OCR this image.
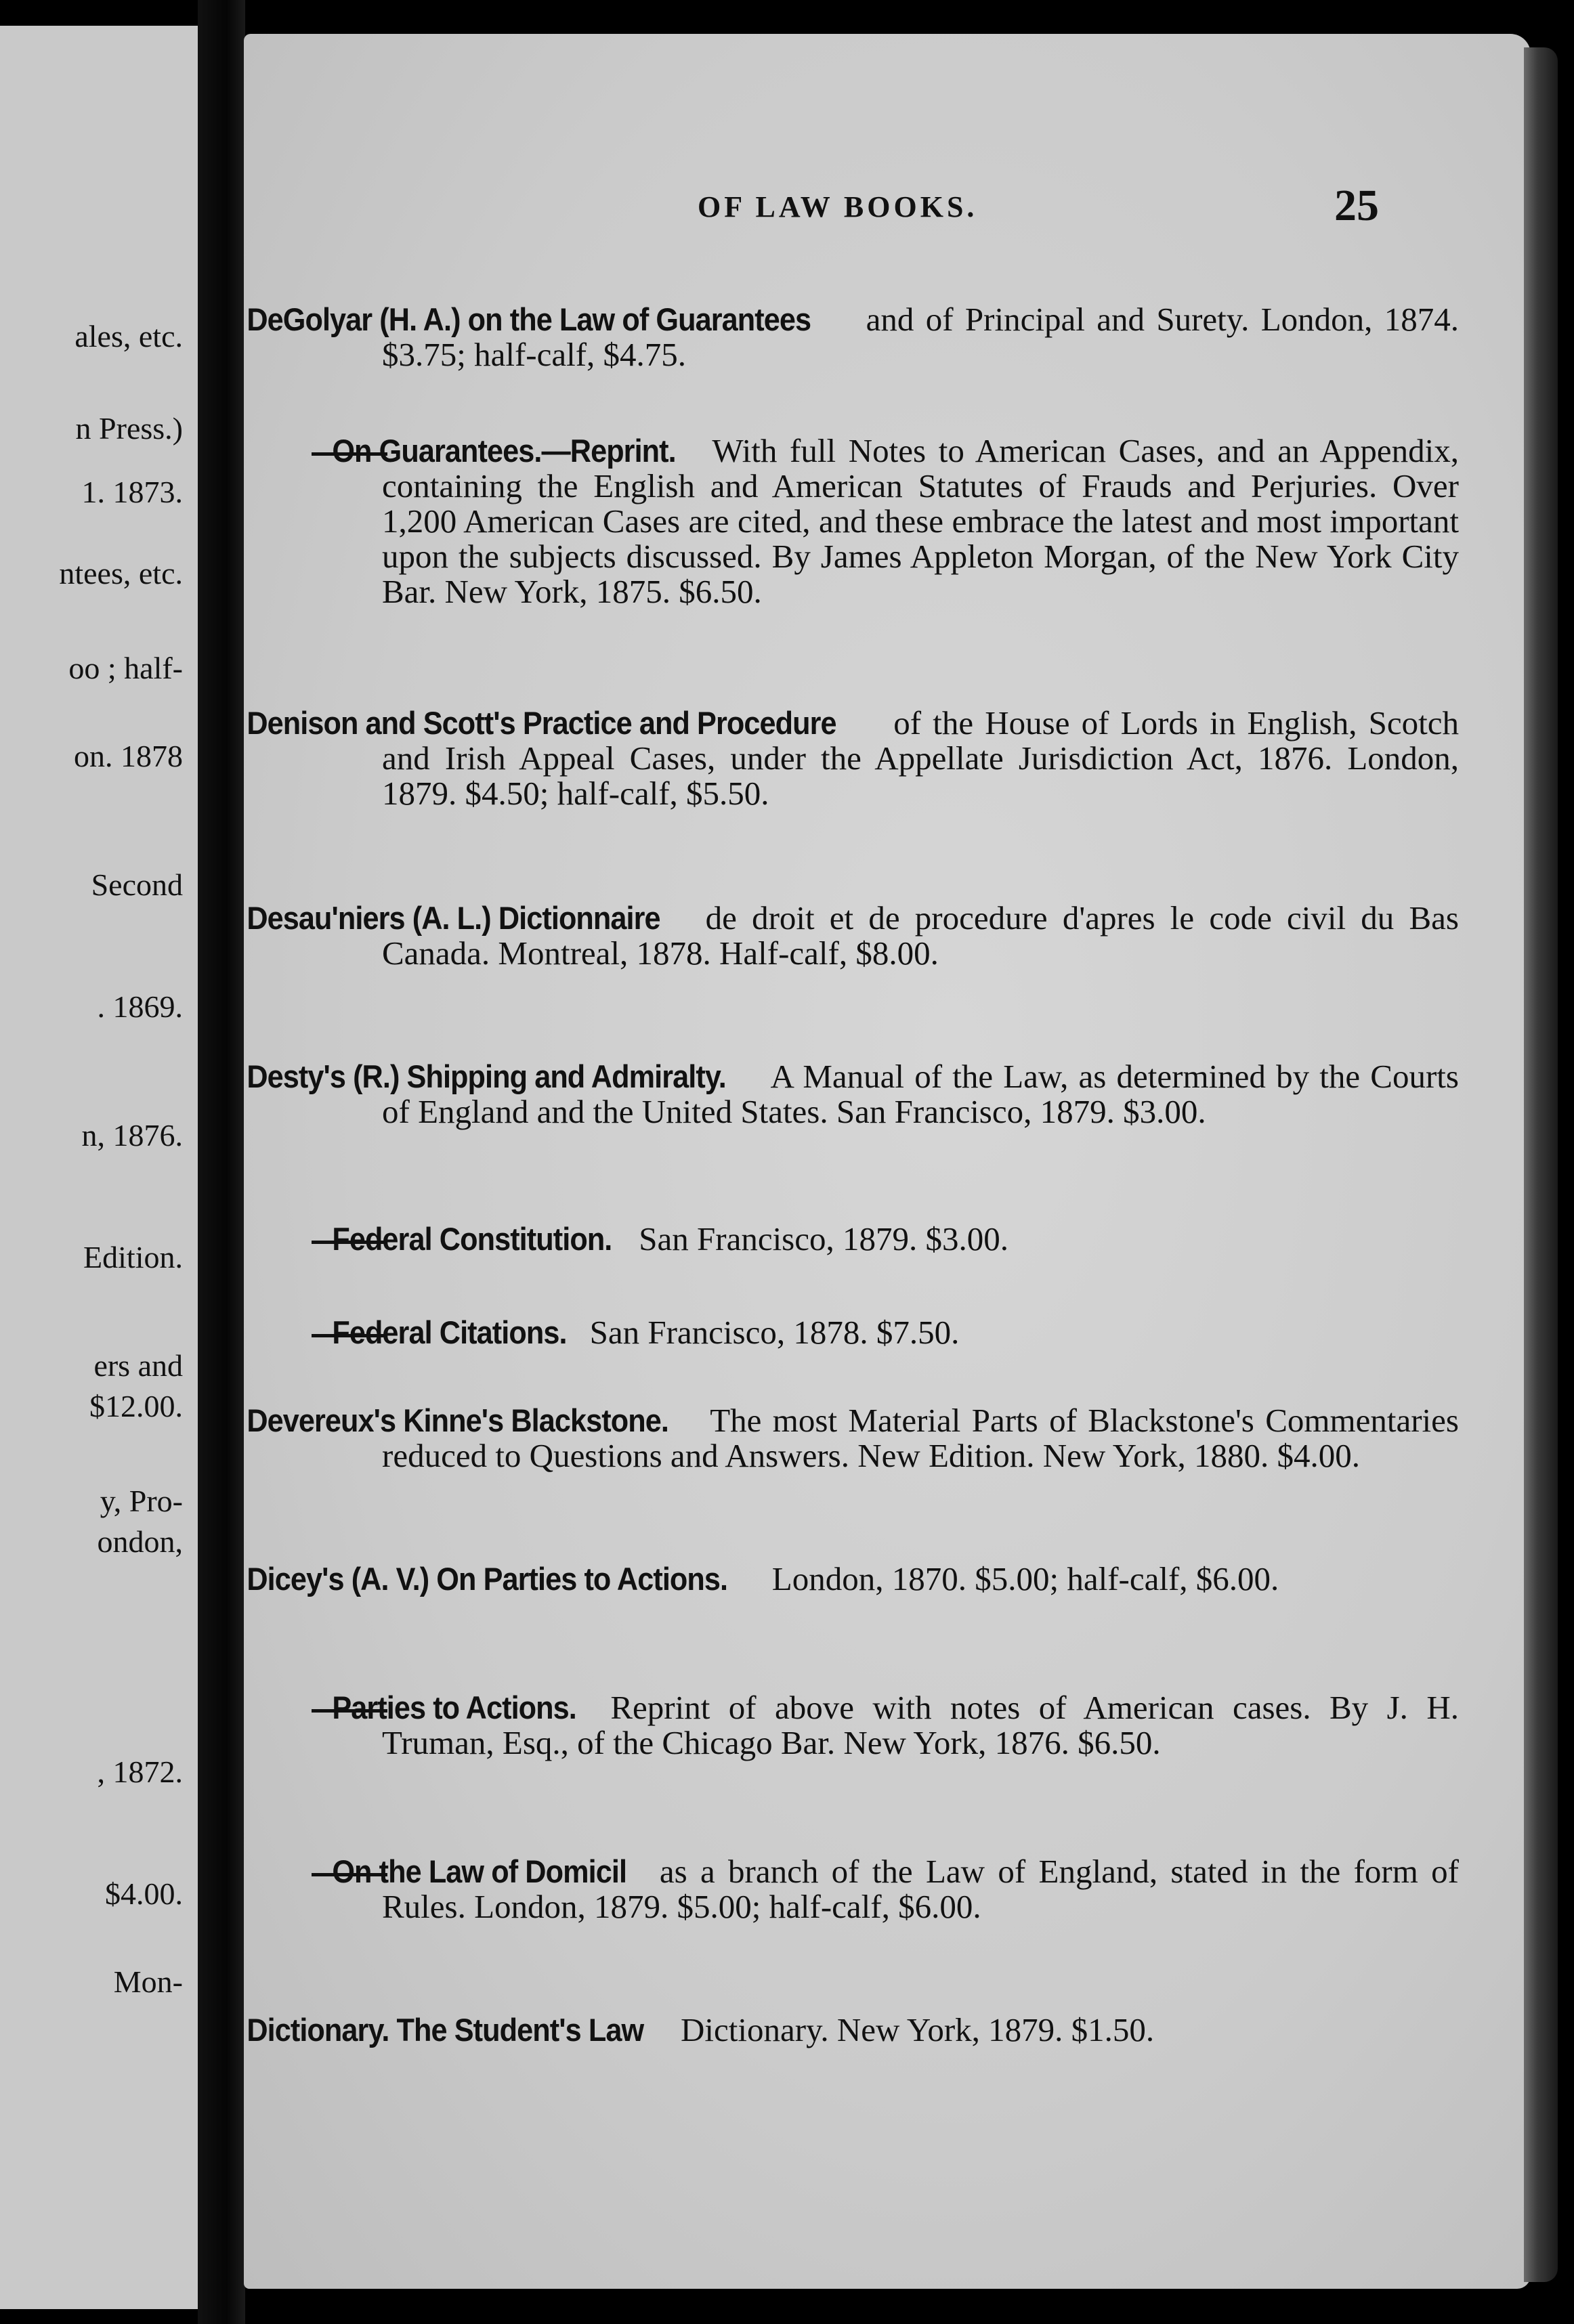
ales, etc.
n Press.)
1. 1873.
ntees, etc.
oo ; half-
on. 1878
Second
. 1869.
n, 1876.
Edition.
ers and
$12.00.
y, Pro-
ondon,
, 1872.
$4.00.
Mon-
OF LAW BOOKS.	25

DeGolyar (H. A.) on the Law of Guarantees and of Principal and Surety. London, 1874. $3.75; half-calf, $4.75.

On Guarantees.—Reprint. With full Notes to American Cases, and an Appendix, containing the English and American Statutes of Frauds and Perjuries. Over 1,200 American Cases are cited, and these embrace the latest and most important upon the subjects discussed. By James Appleton Morgan, of the New York City Bar. New York, 1875. $6.50.

Denison and Scott's Practice and Procedure of the House of Lords in English, Scotch and Irish Appeal Cases, under the Appellate Jurisdiction Act, 1876. London, 1879. $4.50; half-calf, $5.50.

Desau'niers (A. L.) Dictionnaire de droit et de procedure d'apres le code civil du Bas Canada. Montreal, 1878. Half-calf, $8.00.

Desty's (R.) Shipping and Admiralty. A Manual of the Law, as determined by the Courts of England and the United States. San Francisco, 1879. $3.00.

Federal Constitution. San Francisco, 1879. $3.00.

Federal Citations. San Francisco, 1878. $7.50.

Devereux's Kinne's Blackstone. The most Material Parts of Blackstone's Commentaries reduced to Questions and Answers. New Edition. New York, 1880. $4.00.

Dicey's (A. V.) On Parties to Actions. London, 1870. $5.00; half-calf, $6.00.

Parties to Actions. Reprint of above with notes of American cases. By J. H. Truman, Esq., of the Chicago Bar. New York, 1876. $6.50.

On the Law of Domicil as a branch of the Law of England, stated in the form of Rules. London, 1879. $5.00; half-calf, $6.00.

Dictionary. The Student's Law Dictionary. New York, 1879. $1.50.
